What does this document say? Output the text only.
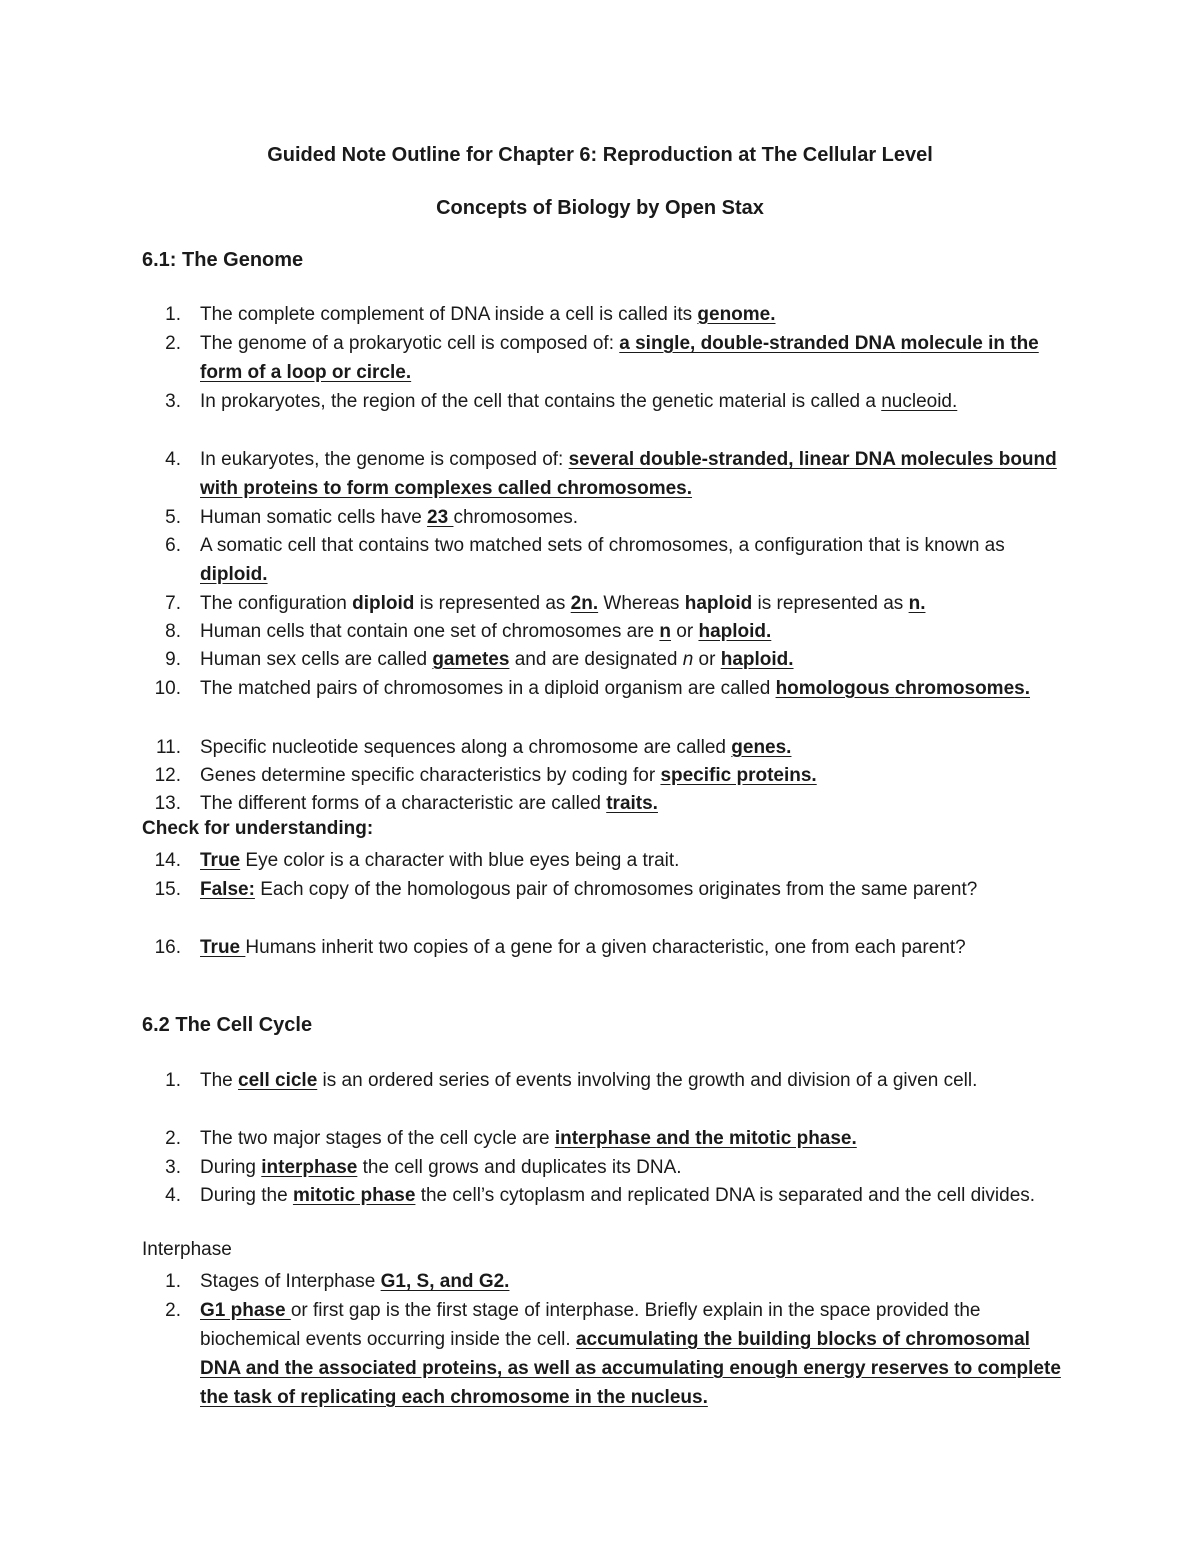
Guided Note Outline for Chapter 6: Reproduction at The Cellular Level
Concepts of Biology by Open Stax
6.1: The Genome
1. The complete complement of DNA inside a cell is called its genome.
2. The genome of a prokaryotic cell is composed of: a single, double-stranded DNA molecule in the form of a loop or circle.
3. In prokaryotes, the region of the cell that contains the genetic material is called a nucleoid.
4. In eukaryotes, the genome is composed of: several double-stranded, linear DNA molecules bound with proteins to form complexes called chromosomes.
5. Human somatic cells have 23 chromosomes.
6. A somatic cell that contains two matched sets of chromosomes, a configuration that is known as diploid.
7. The configuration diploid is represented as 2n. Whereas haploid is represented as n.
8. Human cells that contain one set of chromosomes are n or haploid.
9. Human sex cells are called gametes and are designated n or haploid.
10. The matched pairs of chromosomes in a diploid organism are called homologous chromosomes.
11. Specific nucleotide sequences along a chromosome are called genes.
12. Genes determine specific characteristics by coding for specific proteins.
13. The different forms of a characteristic are called traits.
Check for understanding:
14. True Eye color is a character with blue eyes being a trait.
15. False: Each copy of the homologous pair of chromosomes originates from the same parent?
16. True Humans inherit two copies of a gene for a given characteristic, one from each parent?
6.2 The Cell Cycle
1. The cell cicle is an ordered series of events involving the growth and division of a given cell.
2. The two major stages of the cell cycle are interphase and the mitotic phase.
3. During interphase the cell grows and duplicates its DNA.
4. During the mitotic phase the cell’s cytoplasm and replicated DNA is separated and the cell divides.
Interphase
1. Stages of Interphase G1, S, and G2.
2. G1 phase or first gap is the first stage of interphase. Briefly explain in the space provided the biochemical events occurring inside the cell. accumulating the building blocks of chromosomal DNA and the associated proteins, as well as accumulating enough energy reserves to complete the task of replicating each chromosome in the nucleus.
